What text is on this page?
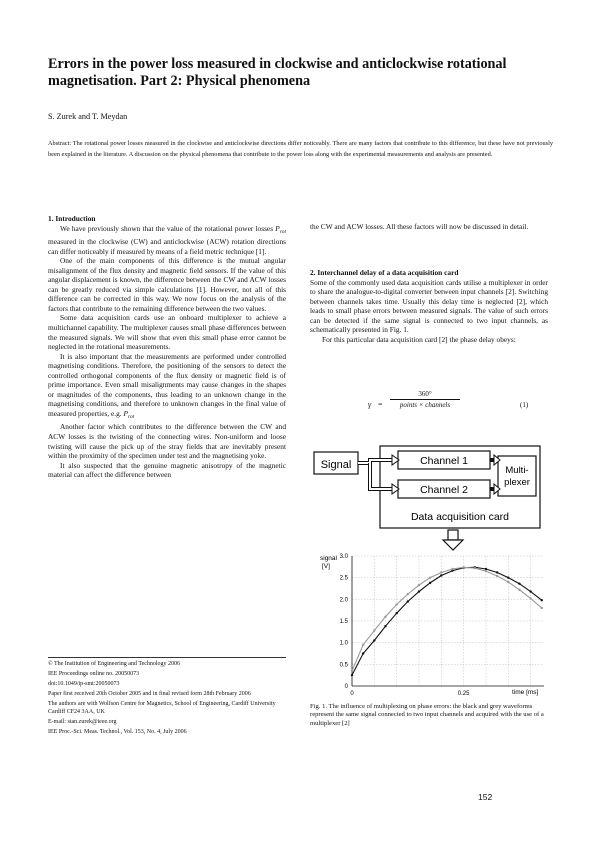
Errors in the power loss measured in clockwise and anticlockwise rotational magnetisation. Part 2: Physical phenomena
S. Zurek and T. Meydan
Abstract: The rotational power losses measured in the clockwise and anticlockwise directions differ noticeably. There are many factors that contribute to this difference, but these have not previously been explained in the literature. A discussion on the physical phenomena that contribute to the power loss along with the experimental measurements and analysis are presented.
1. Introduction

We have previously shown that the value of the rotational power losses $P_{rot}$ measured in the clockwise (CW) and anticlockwise (ACW) rotation directions can differ noticeably if measured by means of a field metric technique [1].

One of the main components of this difference is the mutual angular misalignment of the flux density and magnetic field sensors. If the value of this angular displacement is known, the difference between the CW and ACW losses can be greatly reduced via simple calculations [1]. However, not all of this difference can be corrected in this way. We now focus on the analysis of the factors that contribute to the remaining difference between the two values.

Some data acquisition cards use an onboard multiplexer to achieve a multichannel capability. The multiplexer causes small phase differences between the measured signals. We will show that even this small phase error cannot be neglected in the rotational measurements.

It is also important that the measurements are performed under controlled magnetising conditions. Therefore, the positioning of the sensors to detect the controlled orthogonal components of the flux density or magnetic field is of prime importance. Even small misalignments may cause changes in the shapes or magnitudes of the components, thus leading to an unknown change in the magnetising conditions, and therefore to unknown changes in the final value of measured properties, e.g. $P_{rot}$

Another factor which contributes to the difference between the CW and ACW losses is the twisting of the connecting wires. Non-uniform and loose twisting will cause the pick up of the stray fields that are inevitably present within the proximity of the specimen under test and the magnetising yoke.

It also suspected that the genuine magnetic anisotropy of the magnetic material can affect the difference between

© The Institution of Engineering and Technology 2006
IEE Proceedings online no. 20050073
doi:10.1049/ip-smt:20050073
Paper first received 20th October 2005 and in final revised form 28th February 2006
The authors are with Wolfson Centre for Magnetics, School of Engineering, Cardiff University Cardiff CF24 3AA, UK
E-mail: stan.zurek@ieee.org
IEE Proc.-Sci. Meas. Technol., Vol. 153, No. 4, July 2006

the CW and ACW losses. All these factors will now be discussed in detail.

2. Interchannel delay of a data acquisition card

Some of the commonly used data acquisition cards utilise a multiplexer in order to share the analogue-to-digital converter between input channels [2]. Switching between channels takes time. Usually this delay time is neglected [2], which leads to small phase errors between measured signals. The value of such errors can be detected if the same signal is connected to two input channels, as schematically presented in Fig. 1.

For this particular data acquisition card [2] the phase delay obeys:

γ =
360°
points × channels	(1)
Signal	Channel 1
Channel 2
Multi-
plexer
Data acquisition card
signal
[V]
time [ms]
0
0.5
1.0
1.5
2.0
2.5
3.0
0	0.25
Fig. 1. The influence of multiplexing on phase errors: the black and grey waveforms represent the same signal connected to two input channels and acquired with the use of a multiplexer [2]
152
